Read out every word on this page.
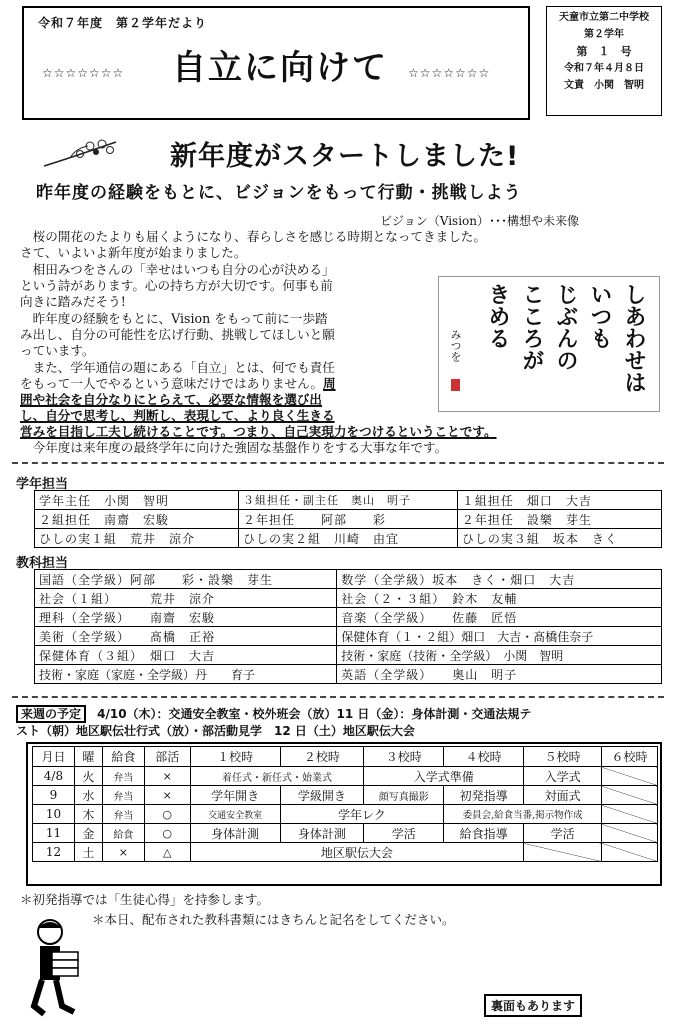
令和７年度　第２学年だより
☆☆☆☆☆☆☆	自立に向けて	☆☆☆☆☆☆☆
天童市立第二中学校
第２学年
第　１　号
令和７年４月８日
文責　小関　智明
新年度がスタートしました!
昨年度の経験をもとに、ビジョンをもって行動・挑戦しよう
ビジョン（Vision）･･･構想や未来像
　桜の開花のたよりも届くようになり、春らしさを感じる時期となってきました。
さて、いよいよ新年度が始まりました。
　相田みつをさんの「幸せはいつも自分の心が決める」
という詩があります。心の持ち方が大切です。何事も前
向きに踏みだそう!
　昨年度の経験をもとに、Vision をもって前に一歩踏
み出し、自分の可能性を広げ行動、挑戦してほしいと願
っています。
　また、学年通信の題にある「自立」とは、何でも責任
をもって一人でやるという意味だけではありません。周
囲や社会を自分なりにとらえて、必要な情報を選び出
し、自分で思考し、判断し、表現して、より良く生きる
営みを目指し工夫し続けることです。つまり、自己実現力をつけるということです。
　今年度は来年度の最終学年に向けた強固な基盤作りをする大事な年です。
しあわせは
いつも
じぶんの
こころが
きめる
みつを
学年担当
学年主任　小関　智明	３組担任・副主任　奥山　明子	１組担任　畑口　大吉
２組担任　南齋　宏駿	２年担任　　阿部　　彩	２年担任　設樂　芽生
ひしの実１組　荒井　涼介	ひしの実２組　川崎　由宜	ひしの実３組　坂本　きく
教科担当
国語（全学級）阿部　　彩・設樂　芽生	数学（全学級）坂本　きく・畑口　大吉
社会（１組）　　　荒井　涼介	社会（２・３組）　鈴木　友輔
理科（全学級）　　南齋　宏駿	音楽（全学級）　　佐藤　匠悟
美術（全学級）　　髙橋　正裕	保健体育（１・２組）畑口　大吉・髙橋佳奈子
保健体育（３組）　畑口　大吉	技術・家庭（技術・全学級）　小関　智明
技術・家庭（家庭・全学級）丹　　育子	英語（全学級）　　奥山　明子
来週の予定 4/10（木）：交通安全教室・校外班会（放）11 日（金）：身体計測・交通法規テ
スト（朝）地区駅伝壮行式（放）・部活動見学　12 日（土）地区駅伝大会
月日	曜	給食	部活	１校時	２校時	３校時	４校時	５校時	６校時
4/8	火	弁当	×	着任式・新任式・始業式		入学式準備		入学式	
9	水	弁当	×	学年開き	学級開き	顔写真撮影	初発指導	対面式	
10	木	弁当	○	交通安全教室	学年レク		委員会,給食当番,掲示物作成		
11	金	給食	○	身体計測	身体計測	学活	給食指導	学活	
12	土	×	△	地区駅伝大会					
＊初発指導では「生徒心得」を持参します。
＊本日、配布された教科書類にはきちんと記名をしてください。
裏面もあります
